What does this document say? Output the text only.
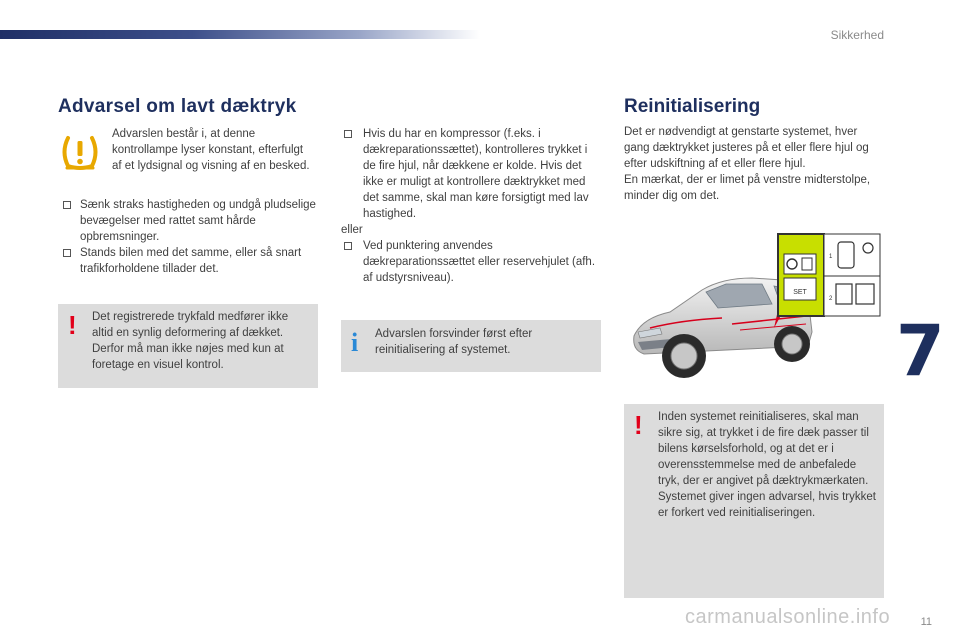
Sikkerhed
Advarsel om lavt dæktryk
Advarslen består i, at denne kontrollampe lyser konstant, efterfulgt af et lydsignal og visning af en besked.
Sænk straks hastigheden og undgå pludselige bevægelser med rattet samt hårde opbremsninger.
Stands bilen med det samme, eller så snart trafikforholdene tillader det.
! Det registrerede trykfald medfører ikke altid en synlig deformering af dækket. Derfor må man ikke nøjes med kun at foretage en visuel kontrol.
Hvis du har en kompressor (f.eks. i dækreparationssættet), kontrolleres trykket i de fire hjul, når dækkene er kolde. Hvis det ikke er muligt at kontrollere dæktrykket med det samme, skal man køre forsigtigt med lav hastighed.
eller
Ved punktering anvendes dækreparationssættet eller reservehjulet (afh. af udstyrsniveau).
i Advarslen forsvinder først efter reinitialisering af systemet.
Reinitialisering
Det er nødvendigt at genstarte systemet, hver gang dæktrykket justeres på et eller flere hjul og efter udskiftning af et eller flere hjul.
En mærkat, der er limet på venstre midterstolpe, minder dig om det.
SET
1
2
! Inden systemet reinitialiseres, skal man sikre sig, at trykket i de fire dæk passer til bilens kørselsforhold, og at det er i overensstemmelse med de anbefalede tryk, der er angivet på dæktrykmærkaten.
Systemet giver ingen advarsel, hvis trykket er forkert ved reinitialiseringen.
7
11
carmanualsonline.info
